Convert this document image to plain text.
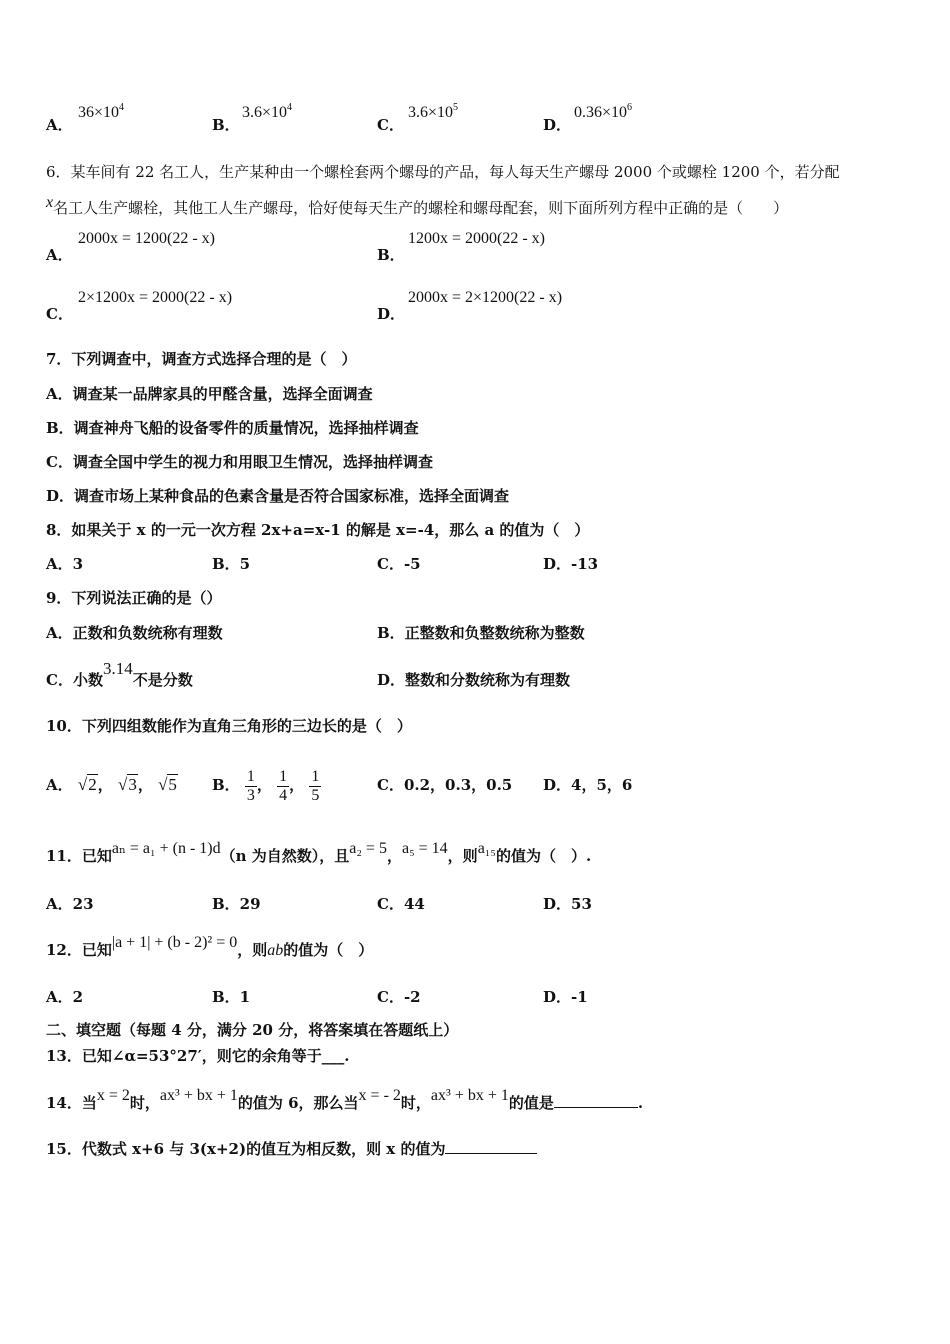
A．
$36\times 10^4$
B．
$3.6\times 10^4$
C．
$3.6\times 10^5$
D．
$0.36\times 10^6$
6．某车间有 22 名工人，生产某种由一个螺栓套两个螺母的产品，每人每天生产螺母 2000 个或螺栓 1200 个，若分配
x名工人生产螺栓，其他工人生产螺母，恰好使每天生产的螺栓和螺母配套，则下面所列方程中正确的是（　　）
A．
2000x = 1200(22 - x)
B．
1200x = 2000(22 - x)
C．
2×1200x = 2000(22 - x)
D．
2000x = 2×1200(22 - x)
7．下列调查中，调查方式选择合理的是（　）
A．调查某一品牌家具的甲醛含量，选择全面调查
B．调查神舟飞船的设备零件的质量情况，选择抽样调查
C．调查全国中学生的视力和用眼卫生情况，选择抽样调查
D．调查市场上某种食品的色素含量是否符合国家标准，选择全面调查
8．如果关于 x 的一元一次方程 2x+a=x-1 的解是 x=-4，那么 a 的值为（　）
A．3	B．5	C．-5	D．-13
9．下列说法正确的是（）
A．正数和负数统称有理数	B．正整数和负整数统称为整数
C．小数3.14不是分数	D．整数和分数统称为有理数
10．下列四组数能作为直角三角形的三边长的是（　）
A． √2， √3， √5 B． $\frac{1}{3}$ ， $\frac{1}{4}$ ， $\frac{1}{5}$	C．0.2，0.3，0.5 D．4，5，6
11．已知aₙ = a₁ + (n - 1)d（n 为自然数），且a₂ = 5，a₅ = 14，则a₁₅的值为（　）.
A．23	B．29	C．44	D．53
12．已知|a + 1| + (b - 2)² = 0，则ab的值为（　）
A．2	B．1	C．-2	D．-1
二、填空题（每题 4 分，满分 20 分，将答案填在答题纸上）
13．已知∠α=53°27′，则它的余角等于___.
14．当x = 2时，ax³ + bx + 1的值为 6，那么当x = - 2时，ax³ + bx + 1的值是	.
15．代数式 x+6 与 3(x+2)的值互为相反数，则 x 的值为
